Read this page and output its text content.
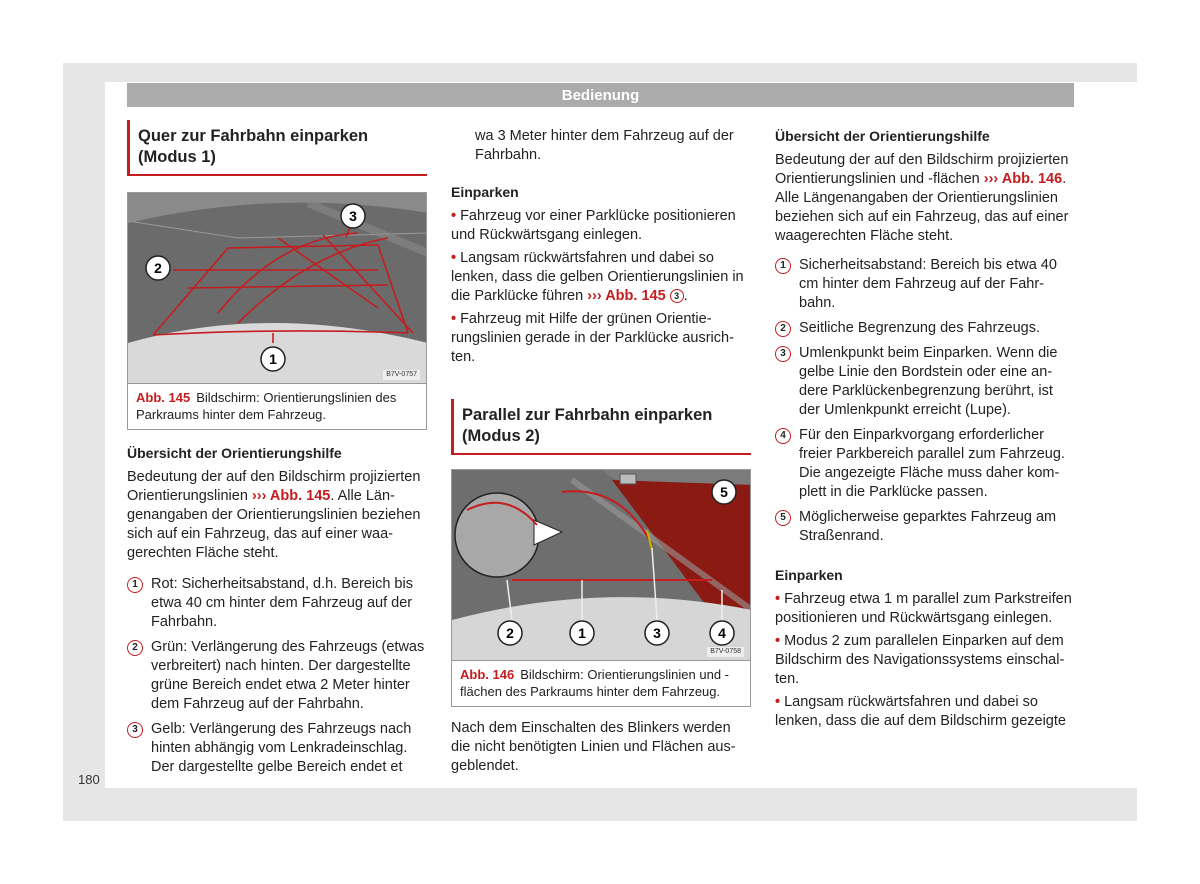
Bedienung
Quer zur Fahrbahn einparken
(Modus 1)
1
2
3
B7V-0757
Abb. 145 Bildschirm: Orientierungslinien des Parkraums hinter dem Fahrzeug.
Übersicht der Orientierungshilfe

Bedeutung der auf den Bildschirm projizierten Orientierungslinien ››› Abb. 145. Alle Längenangaben der Orientierungslinien beziehen sich auf ein Fahrzeug, das auf einer waagerechten Fläche steht.

1 Rot: Sicherheitsabstand, d.h. Bereich bis etwa 40 cm hinter dem Fahrzeug auf der Fahrbahn.
2 Grün: Verlängerung des Fahrzeugs (etwas verbreitert) nach hinten. Der dargestellte grüne Bereich endet etwa 2 Meter hinter dem Fahrzeug auf der Fahrbahn.
3 Gelb: Verlängerung des Fahrzeugs nach hinten abhängig vom Lenkradeinschlag. Der dargestellte gelbe Bereich endet et

wa 3 Meter hinter dem Fahrzeug auf der Fahrbahn.

Einparken
• Fahrzeug vor einer Parklücke positionieren und Rückwärtsgang einlegen.
• Langsam rückwärtsfahren und dabei so lenken, dass die gelben Orientierungslinien in die Parklücke führen ››› Abb. 145 3 .
• Fahrzeug mit Hilfe der grünen Orientierungslinien gerade in der Parklücke ausrichten.
Parallel zur Fahrbahn einparken
(Modus 2)
1
2	3	4
5
B7V-0758
Abb. 146 Bildschirm: Orientierungslinien und -flächen des Parkraums hinter dem Fahrzeug.

Nach dem Einschalten des Blinkers werden die nicht benötigten Linien und Flächen ausgeblendet.

Übersicht der Orientierungshilfe

Bedeutung der auf den Bildschirm projizierten Orientierungslinien und -flächen ››› Abb. 146. Alle Längenangaben der Orientierungslinien beziehen sich auf ein Fahrzeug, das auf einer waagerechten Fläche steht.

1 Sicherheitsabstand: Bereich bis etwa 40 cm hinter dem Fahrzeug auf der Fahrbahn.
2 Seitliche Begrenzung des Fahrzeugs.
3 Umlenkpunkt beim Einparken. Wenn die gelbe Linie den Bordstein oder eine andere Parklückenbegrenzung berührt, ist der Umlenkpunkt erreicht (Lupe).
4 Für den Einparkvorgang erforderlicher freier Parkbereich parallel zum Fahrzeug. Die angezeigte Fläche muss daher komplett in die Parklücke passen.
5 Möglicherweise geparktes Fahrzeug am Straßenrand.
Einparken
• Fahrzeug etwa 1 m parallel zum Parkstreifen positionieren und Rückwärtsgang einlegen.
• Modus 2 zum parallelen Einparken auf dem Bildschirm des Navigationssystems einschalten.
• Langsam rückwärtsfahren und dabei so lenken, dass die auf dem Bildschirm gezeigte
180
